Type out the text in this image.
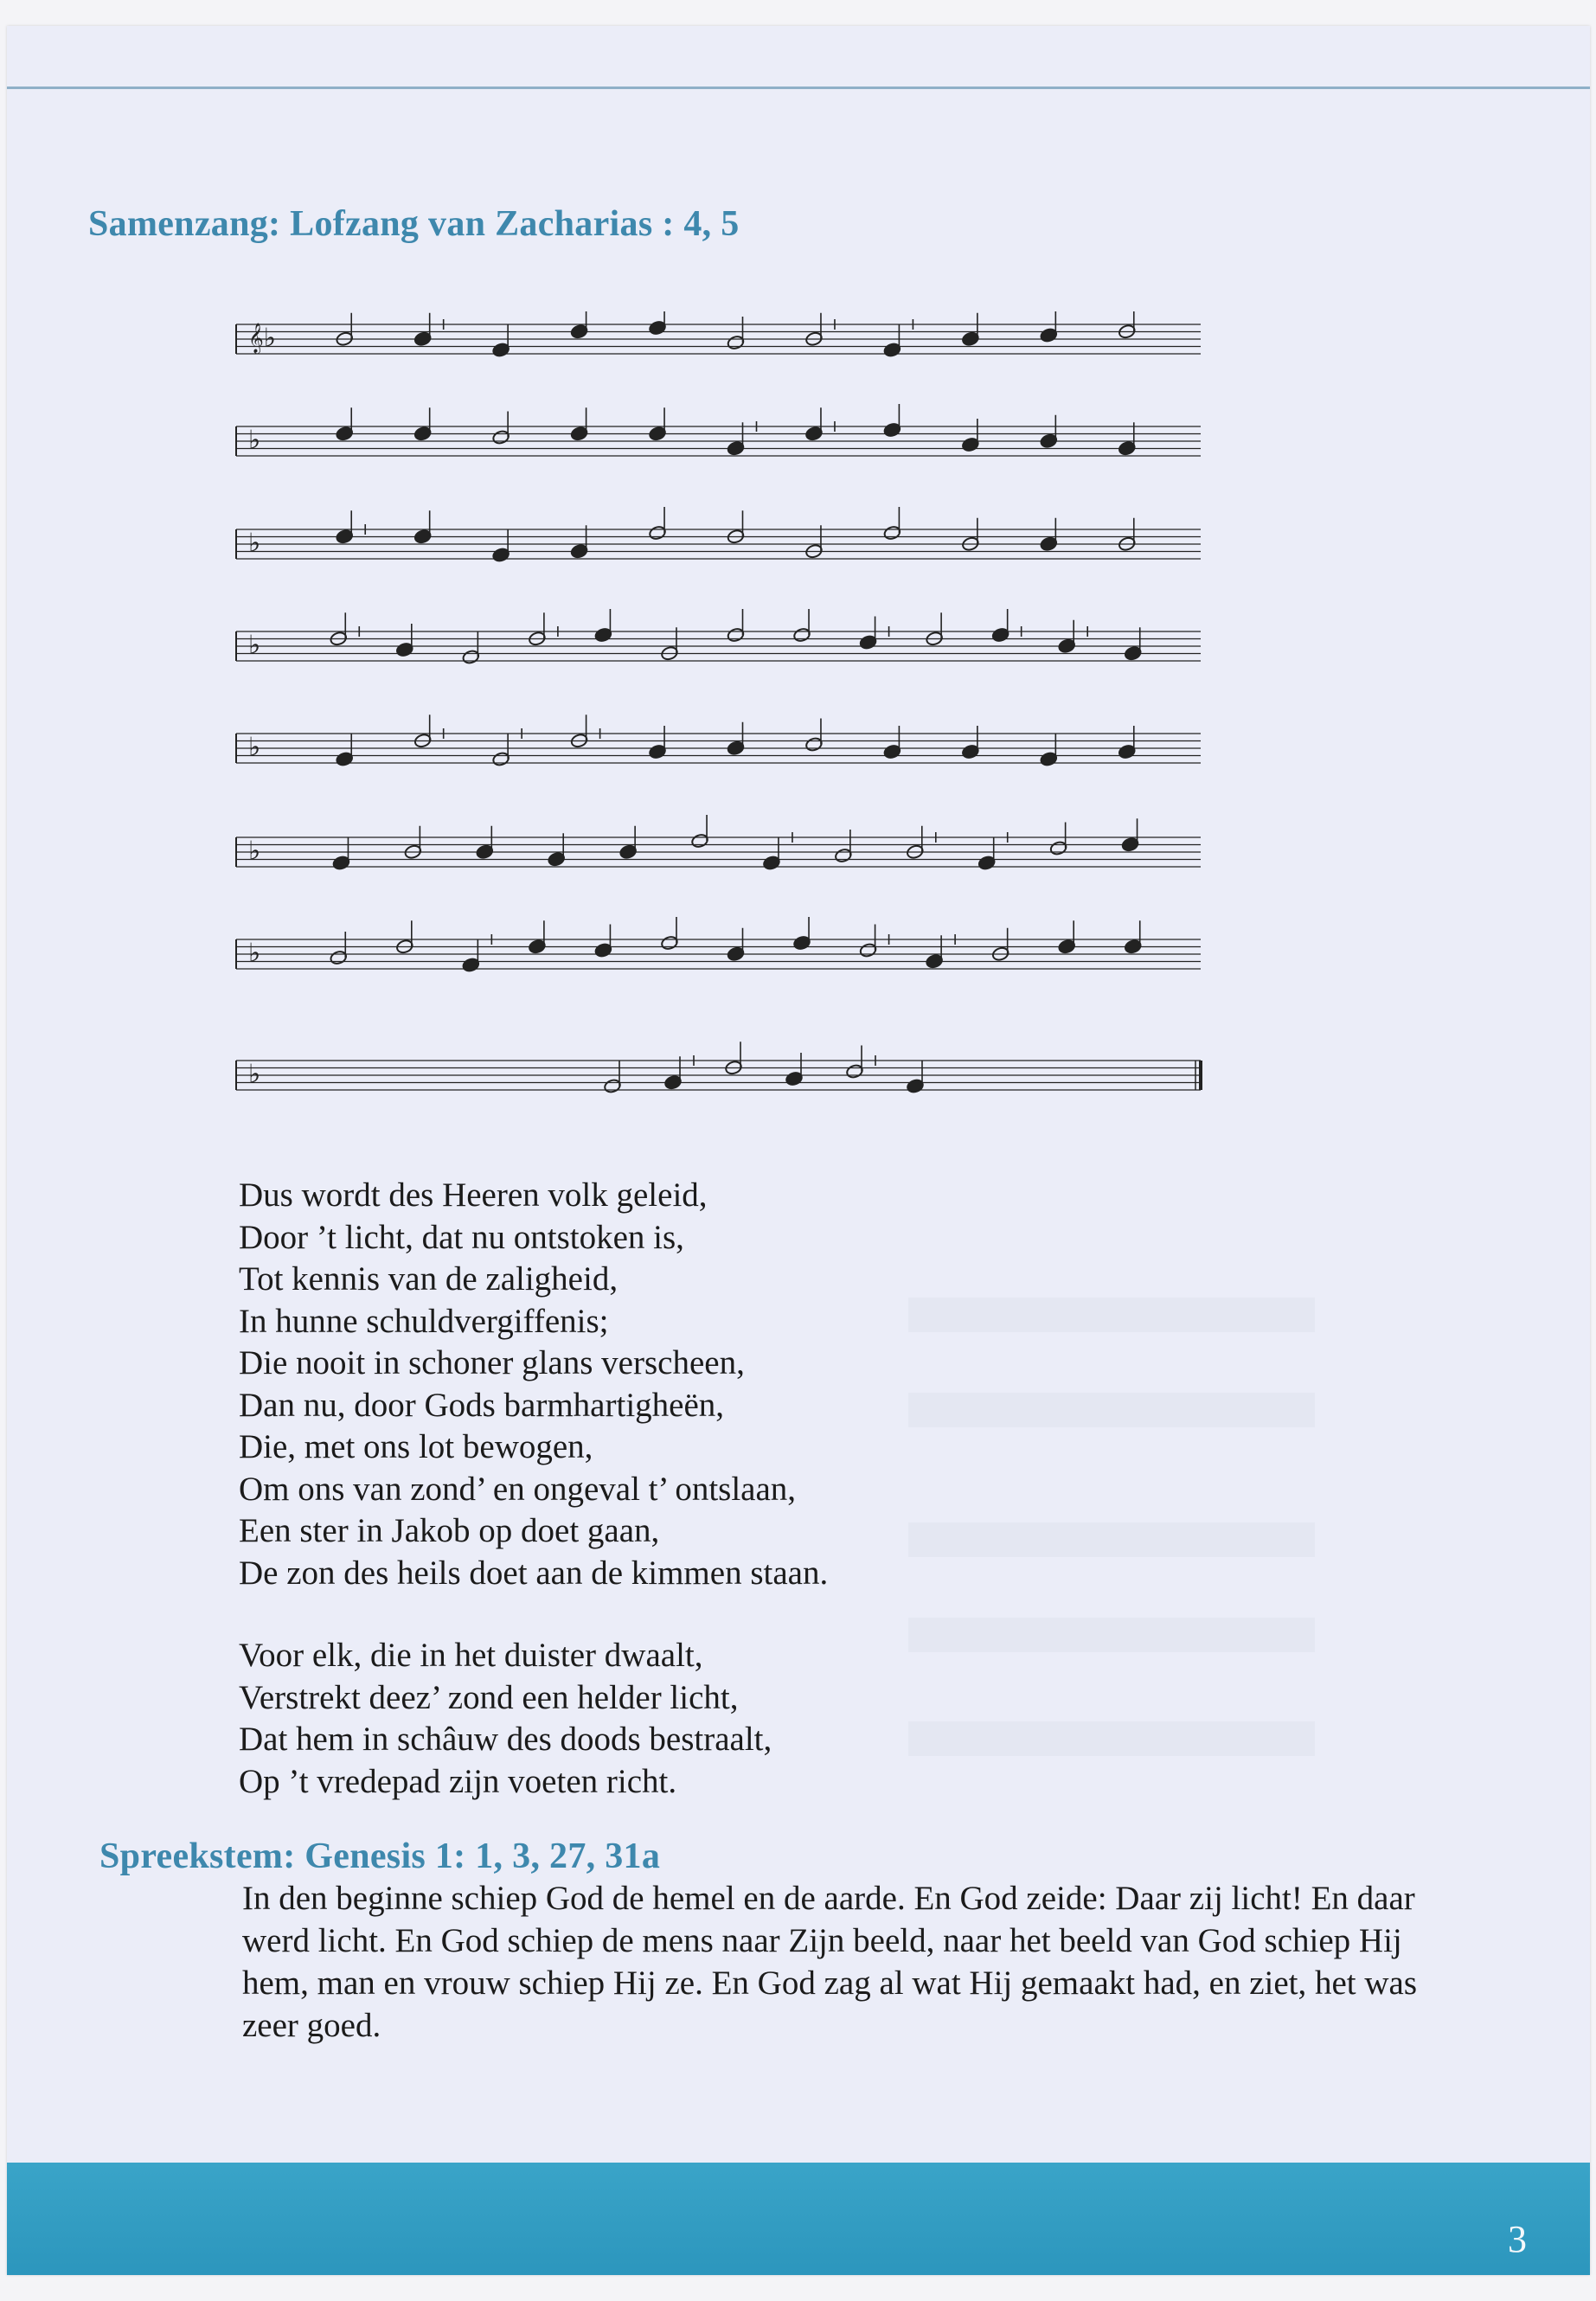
Samenzang: Lofzang van Zacharias : 4, 5
𝄞♭
♭
♭
♭
♭
♭
♭
♭
Dus wordt des Heeren volk geleid,
Door ’t licht, dat nu ontstoken is,
Tot kennis van de zaligheid,
In hunne schuldvergiffenis;
Die nooit in schoner glans verscheen,
Dan nu, door Gods barmhartigheën,
Die, met ons lot bewogen,
Om ons van zond’ en ongeval t’ ontslaan,
Een ster in Jakob op doet gaan,
De zon des heils doet aan de kimmen staan.
Voor elk, die in het duister dwaalt,
Verstrekt deez’ zond een helder licht,
Dat hem in schâuw des doods bestraalt,
Op ’t vredepad zijn voeten richt.
Spreekstem: Genesis 1: 1, 3, 27, 31a
In den beginne schiep God de hemel en de aarde. En God zeide: Daar zij licht! En daar werd licht. En God schiep de mens naar Zijn beeld, naar het beeld van God schiep Hij hem, man en vrouw schiep Hij ze. En God zag al wat Hij gemaakt had, en ziet, het was zeer goed.
3
